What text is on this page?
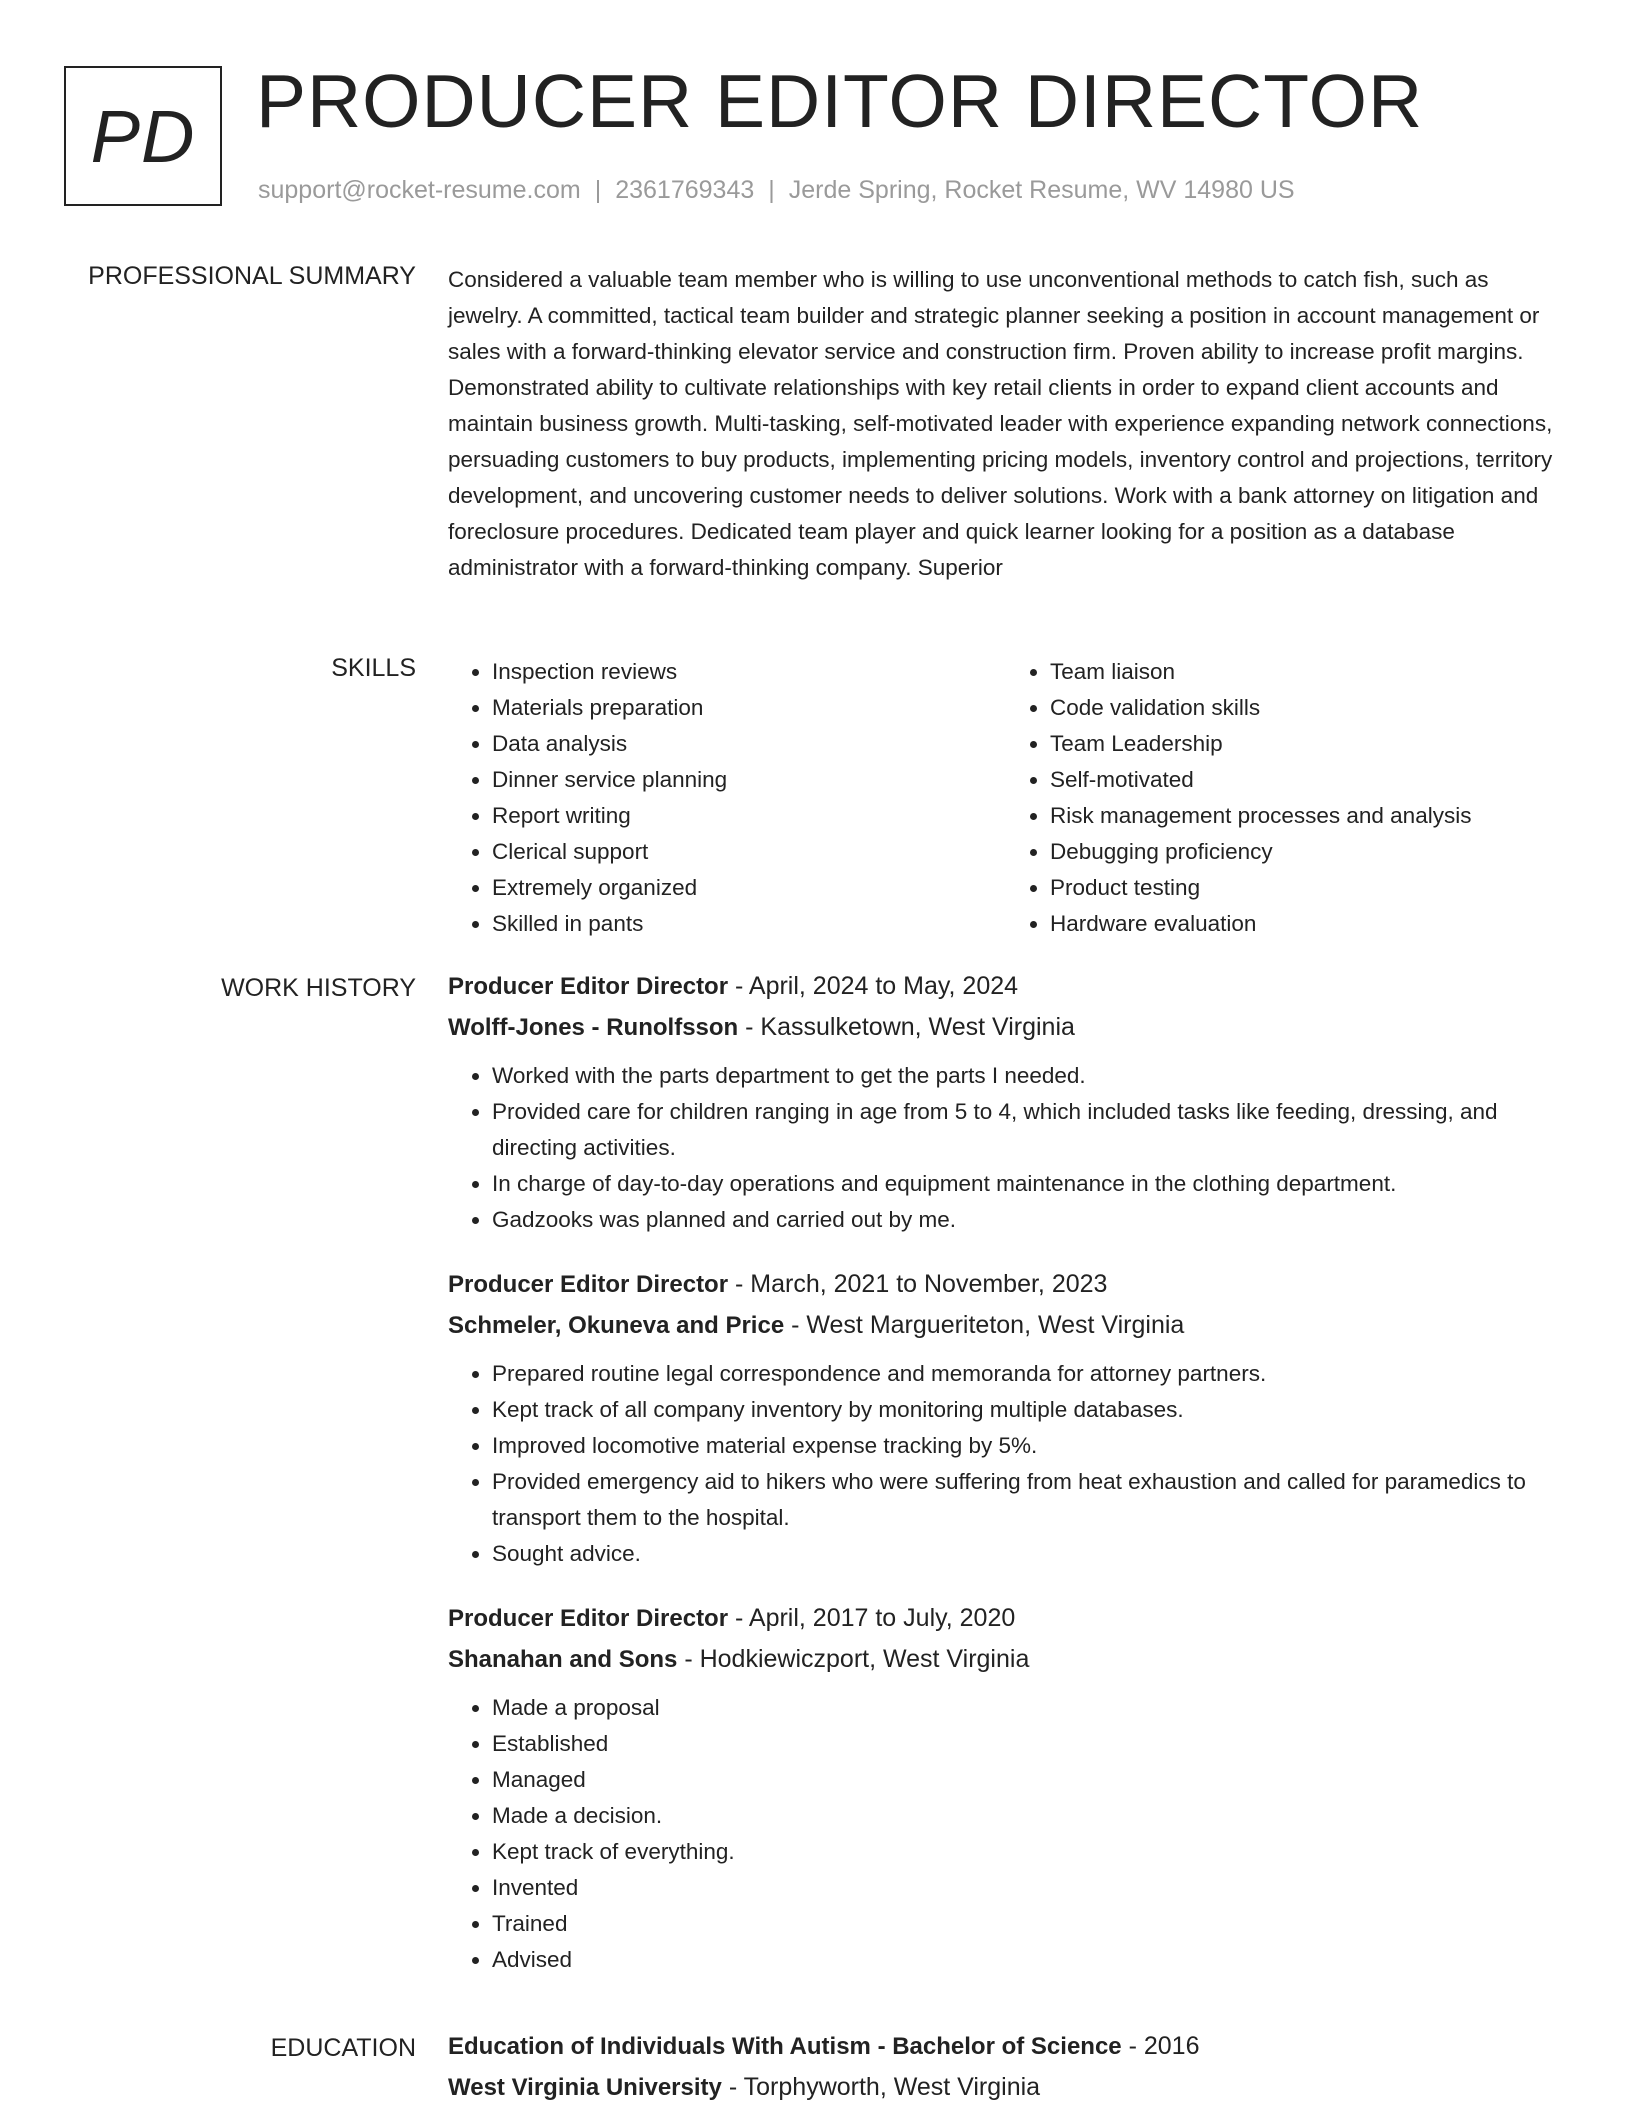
PD PRODUCER EDITOR DIRECTOR
support@rocket-resume.com | 2361769343 | Jerde Spring, Rocket Resume, WV 14980 US
PROFESSIONAL SUMMARY Considered a valuable team member who is willing to use unconventional methods to catch fish, such as jewelry. A committed, tactical team builder and strategic planner seeking a position in account management or sales with a forward-thinking elevator service and construction firm. Proven ability to increase profit margins. Demonstrated ability to cultivate relationships with key retail clients in order to expand client accounts and maintain business growth. Multi-tasking, self-motivated leader with experience expanding network connections, persuading customers to buy products, implementing pricing models, inventory control and projections, territory development, and uncovering customer needs to deliver solutions. Work with a bank attorney on litigation and foreclosure procedures. Dedicated team player and quick learner looking for a position as a database administrator with a forward-thinking company. Superior

SKILLS
•	Inspection reviews
• Materials preparation
• Data analysis
• Dinner service planning
• Report writing
• Clerical support
• Extremely organized
• Skilled in pants
• Team liaison
• Code validation skills
• Team Leadership
• Self-motivated
• Risk management processes and analysis
• Debugging proficiency
• Product testing
• Hardware evaluation
WORK HISTORY Producer Editor Director - April, 2024 to May, 2024
Wolff-Jones - Runolfsson - Kassulketown, West Virginia
• Worked with the parts department to get the parts I needed.
• Provided care for children ranging in age from 5 to 4, which included tasks like feeding, dressing, and directing activities.
• In charge of day-to-day operations and equipment maintenance in the clothing department.
• Gadzooks was planned and carried out by me.
Producer Editor Director - March, 2021 to November, 2023
Schmeler, Okuneva and Price - West Margueriteton, West Virginia
• Prepared routine legal correspondence and memoranda for attorney partners.
• Kept track of all company inventory by monitoring multiple databases.
• Improved locomotive material expense tracking by 5%.
• Provided emergency aid to hikers who were suffering from heat exhaustion and called for paramedics to transport them to the hospital.
• Sought advice.
Producer Editor Director - April, 2017 to July, 2020
Shanahan and Sons - Hodkiewiczport, West Virginia
• Made a proposal
• Established
• Managed
• Made a decision.
• Kept track of everything.
• Invented
• Trained
• Advised
EDUCATION Education of Individuals With Autism - Bachelor of Science - 2016
West Virginia University - Torphyworth, West Virginia
